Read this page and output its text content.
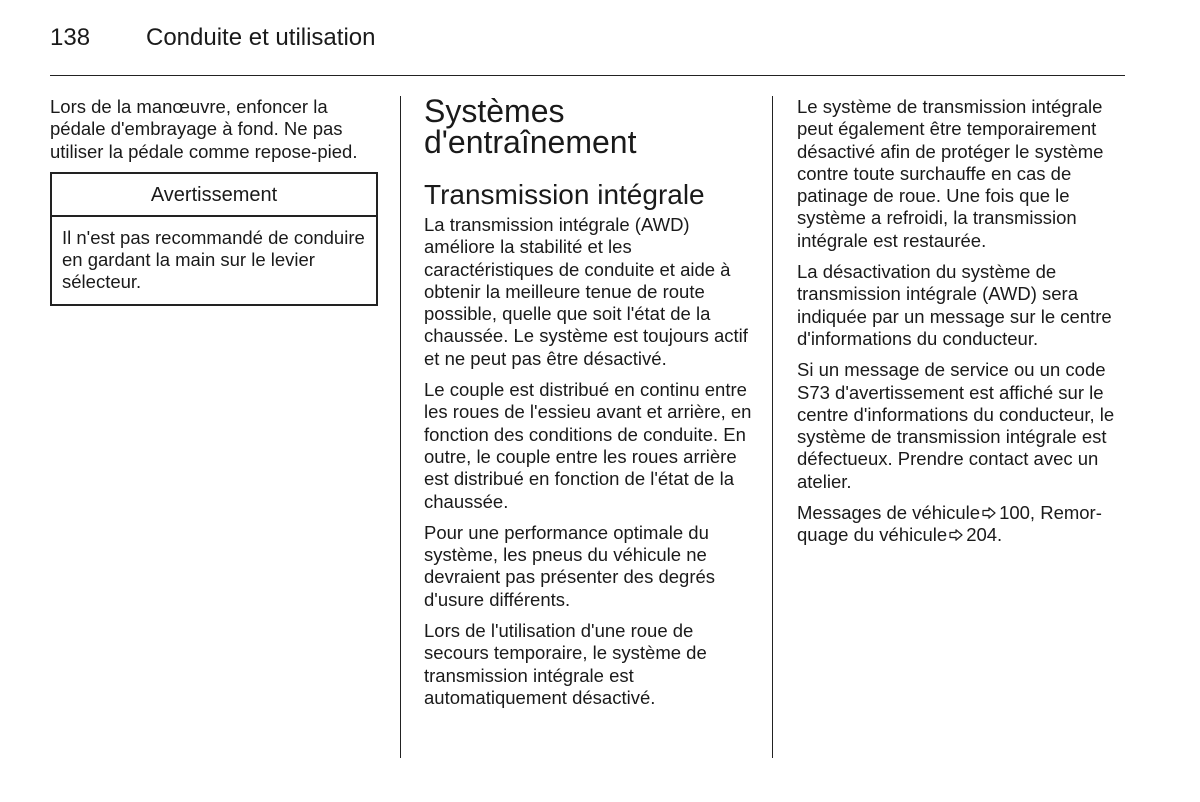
138	Conduite et utilisation

Lors de la manœuvre, enfoncer la pédale d'embrayage à fond. Ne pas utiliser la pédale comme repose-pied.

Avertissement

Il n'est pas recommandé de conduire en gardant la main sur le levier sélecteur.

Systèmes d'entraînement
Transmission intégrale

La transmission intégrale (AWD) améliore la stabilité et les caractéristiques de conduite et aide à obtenir la meilleure tenue de route possible, quelle que soit l'état de la chaussée. Le système est toujours actif et ne peut pas être désactivé.

Le couple est distribué en continu entre les roues de l'essieu avant et arrière, en fonction des conditions de conduite. En outre, le couple entre les roues arrière est distribué en fonction de l'état de la chaussée.

Pour une performance optimale du système, les pneus du véhicule ne devraient pas présenter des degrés d'usure différents.

Lors de l'utilisation d'une roue de secours temporaire, le système de transmission intégrale est automatiquement désactivé.

Le système de transmission intégrale peut également être temporairement désactivé afin de protéger le système contre toute surchauffe en cas de patinage de roue. Une fois que le système a refroidi, la transmission intégrale est restaurée.

La désactivation du système de transmission intégrale (AWD) sera indiquée par un message sur le centre d'informations du conducteur.

Si un message de service ou un code S73 d'avertissement est affiché sur le centre d'informations du conducteur, le système de transmission intégrale est défectueux. Prendre contact avec un atelier.

Messages de véhicule 100, Remor-
quage du véhicule 204.
